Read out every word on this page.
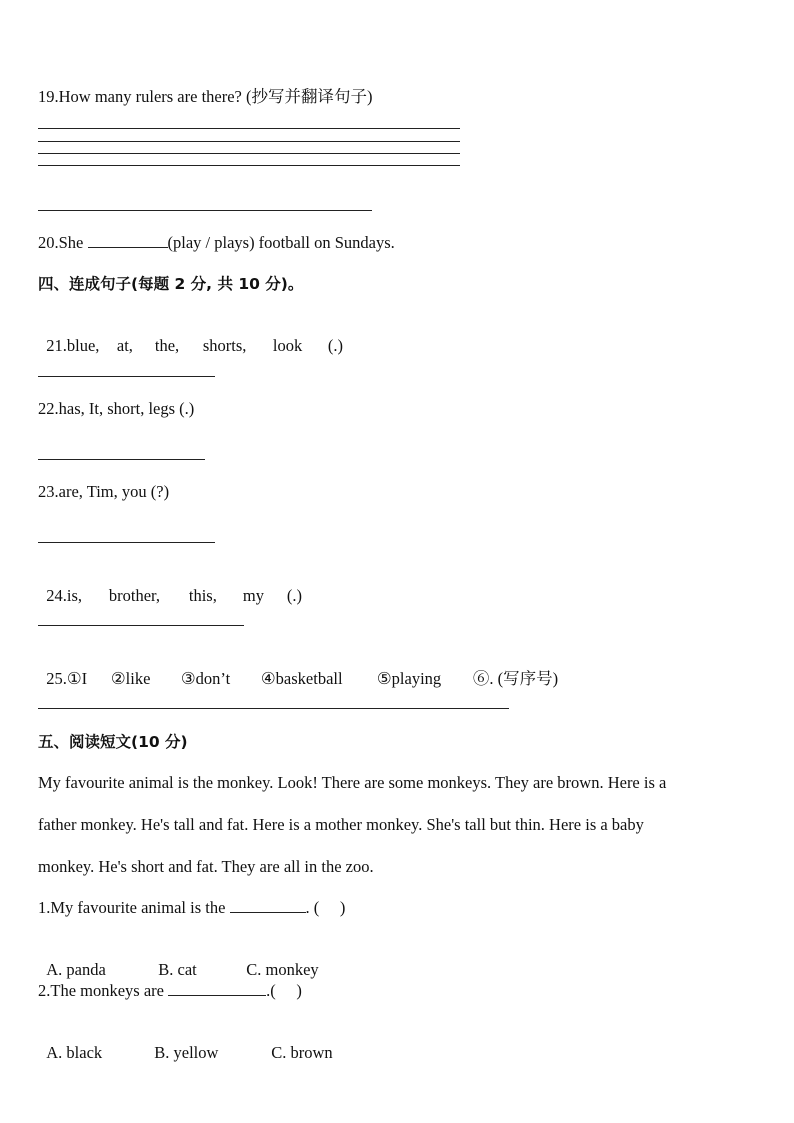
19.How many rulers are there? (抄写并翻译句子)
20.She	(play / plays) football on Sundays.
四、连成句子(每题 2 分, 共 10 分)。

21.blue, at, the, shorts, look (.)

22.has, It, short, legs (.)
23.are, Tim, you (?)

24.is, brother, this, my (.)

25.①I ②like ③don’t ④basketball ⑤playing ⑥. (写序号)

五、阅读短文(10 分)
My favourite animal is the monkey. Look! There are some monkeys. They are brown. Here is a
father monkey. He's tall and fat. Here is a mother monkey. She's tall but thin. Here is a baby
monkey. He's short and fat. They are all in the zoo.
1.My favourite animal is the	. (     )

A. panda	B. cat	C. monkey

2.The monkeys are	.(     )

A. black	B. yellow	C. brown
